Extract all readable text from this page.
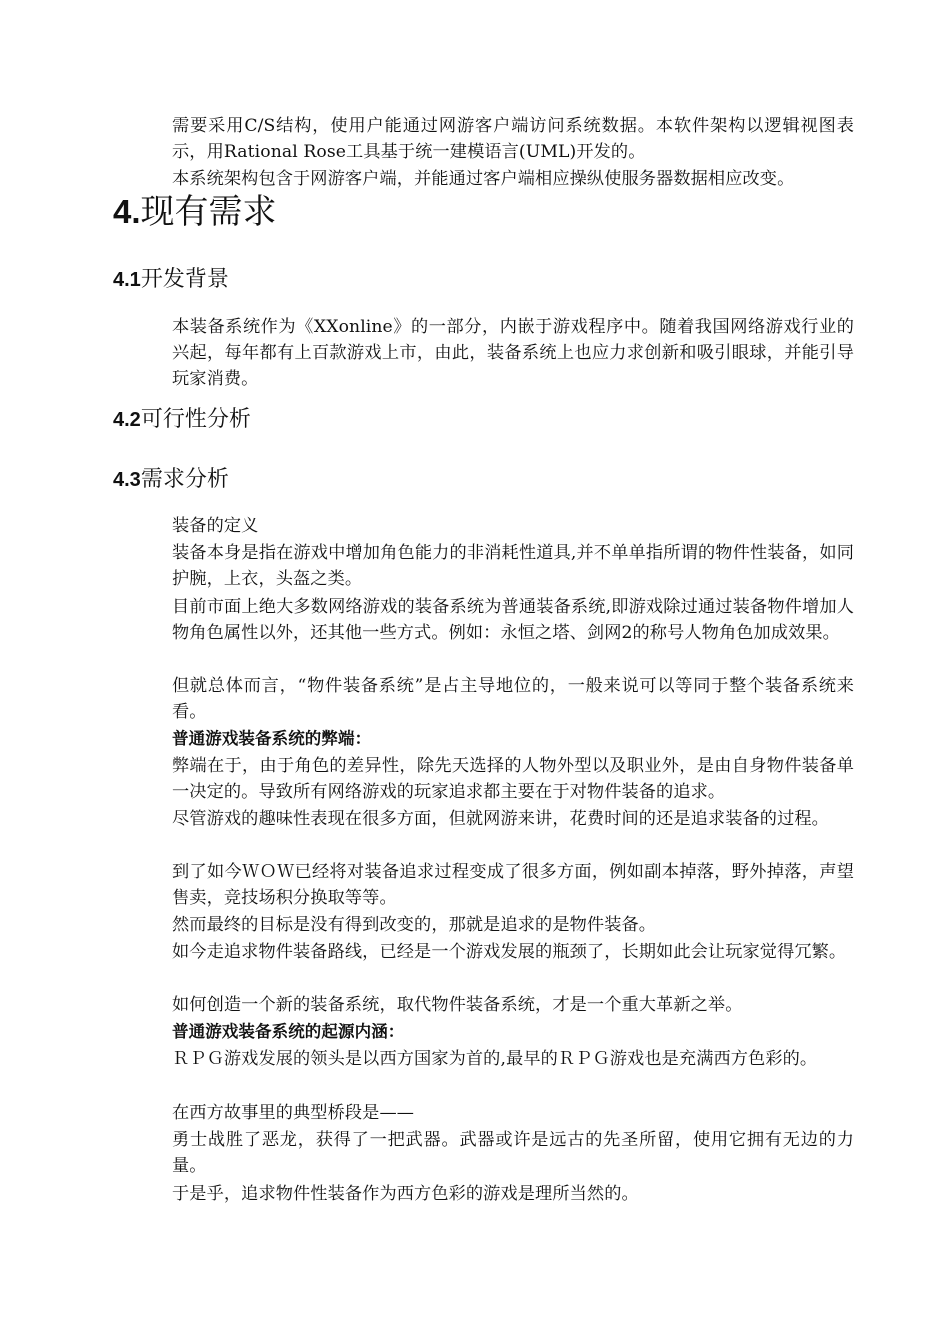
需要采用C/S结构，使用户能通过网游客户端访问系统数据。本软件架构以逻辑视图表示，用Rational Rose工具基于统一建模语言(UML)开发的。

本系统架构包含于网游客户端，并能通过客户端相应操纵使服务器数据相应改变。

4.现有需求
4.1开发背景

本装备系统作为《XXonline》的一部分，内嵌于游戏程序中。随着我国网络游戏行业的兴起，每年都有上百款游戏上市，由此，装备系统上也应力求创新和吸引眼球，并能引导玩家消费。

4.2可行性分析
4.3需求分析

装备的定义

装备本身是指在游戏中增加角色能力的非消耗性道具,并不单单指所谓的物件性装备，如同护腕，上衣，头盔之类。

目前市面上绝大多数网络游戏的装备系统为普通装备系统,即游戏除过通过装备物件增加人物角色属性以外，还其他一些方式。例如：永恒之塔、剑网2的称号人物角色加成效果。

但就总体而言，“物件装备系统”是占主导地位的，一般来说可以等同于整个装备系统来看。

普通游戏装备系统的弊端：

弊端在于，由于角色的差异性，除先天选择的人物外型以及职业外，是由自身物件装备单一决定的。导致所有网络游戏的玩家追求都主要在于对物件装备的追求。

尽管游戏的趣味性表现在很多方面，但就网游来讲，花费时间的还是追求装备的过程。

到了如今ＷＯＷ已经将对装备追求过程变成了很多方面，例如副本掉落，野外掉落，声望售卖，竞技场积分换取等等。

然而最终的目标是没有得到改变的，那就是追求的是物件装备。

如今走追求物件装备路线，已经是一个游戏发展的瓶颈了，长期如此会让玩家觉得冗繁。

如何创造一个新的装备系统，取代物件装备系统，才是一个重大革新之举。

普通游戏装备系统的起源内涵：

ＲＰＧ游戏发展的领头是以西方国家为首的,最早的ＲＰＧ游戏也是充满西方色彩的。

在西方故事里的典型桥段是——

勇士战胜了恶龙，获得了一把武器。武器或许是远古的先圣所留，使用它拥有无边的力量。

于是乎，追求物件性装备作为西方色彩的游戏是理所当然的。
